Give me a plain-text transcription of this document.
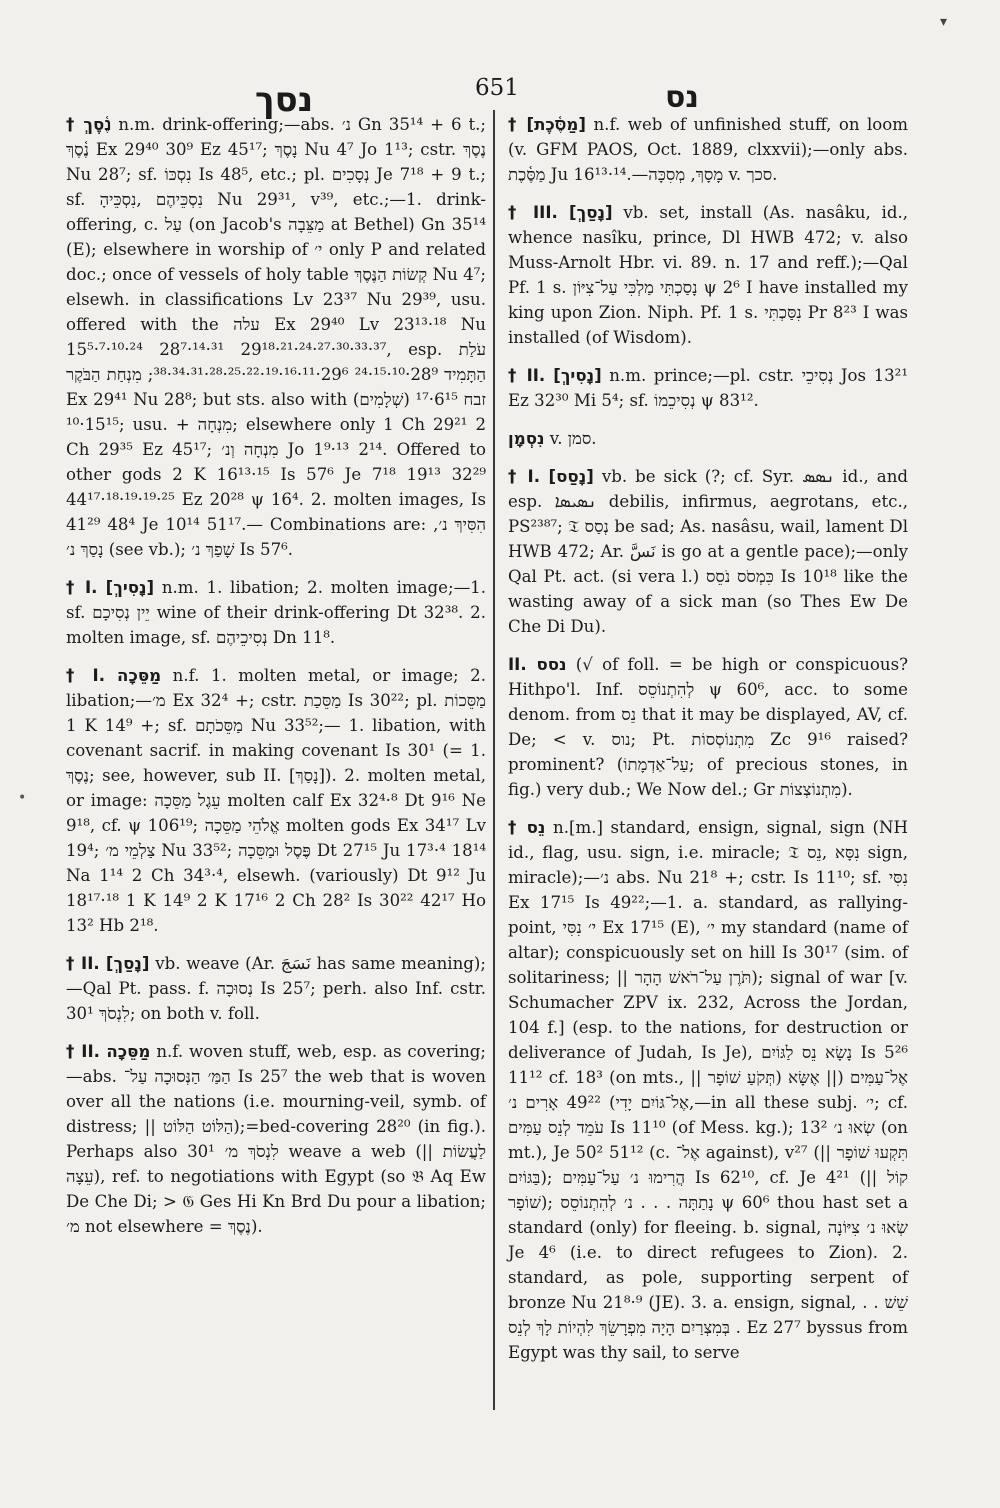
▾
•
נסך	651	נס

† נֶ֫סֶךְ n.m. drink-offering;—abs. נ׳ Gn 35¹⁴ + 6 t.; נֶ֫סֶךְ Ex 29⁴⁰ 30⁹ Ez 45¹⁷; נָסֶךְ Nu 4⁷ Jo 1¹³; cstr. נֶסֶךְ Nu 28⁷; sf. נִסְכּוֹ Is 48⁵, etc.; pl. נְסָכִים Je 7¹⁸ + 9 t.; sf. נִסְכֵּיהֶם ,נִסְכֵּיהָ Nu 29³¹, v³⁹, etc.;—1. drink-offering, c. עַל (on Jacob's מַצֵּבָה at Bethel) Gn 35¹⁴ (E); elsewhere in worship of י׳ only P and related doc.; once of vessels of holy table קְשׂוֹת הַנֶּסֶךְ Nu 4⁷; elsewh. in classifications Lv 23³⁷ Nu 29³⁹, usu. offered with the עלה Ex 29⁴⁰ Lv 23¹³·¹⁸ Nu 15⁵·⁷·¹⁰·²⁴ 28⁷·¹⁴·³¹ 29¹⁸·²¹·²⁴·²⁷·³⁰·³³·³⁷, esp. עֹלַת הַתָּמִיד 28⁹·¹⁰·¹⁵·²⁴ 29⁶·¹¹·¹⁶·¹⁹·²²·²⁵·²⁸·³¹·³⁴·³⁸; מִנְחַת הַבֹּקֶר Ex 29⁴¹ Nu 28⁸; but sts. also with (שְׁלָמִים) זבח 6¹⁵·¹⁷ 15¹⁵·¹⁰; usu. + מִנְחָה; elsewhere only 1 Ch 29²¹ 2 Ch 29³⁵ Ez 45¹⁷; מִנְחָה וְנ׳ Jo 1⁹·¹³ 2¹⁴. Offered to other gods 2 K 16¹³·¹⁵ Is 57⁶ Je 7¹⁸ 19¹³ 32²⁹ 44¹⁷·¹⁸·¹⁹·¹⁹·²⁵ Ez 20²⁸ ψ 16⁴. 2. molten images, Is 41²⁹ 48⁴ Je 10¹⁴ 51¹⁷.— Combinations are: הִסִּיךְ נ׳, נָסַךְ נ׳ (see vb.); שָׁפַךְ נ׳ Is 57⁶.

† I. [נָסִיךְ] n.m. 1. libation; 2. molten image;—1. sf. יֵין נְסִיכָם wine of their drink-offering Dt 32³⁸. 2. molten image, sf. נְסִיכֵיהֶם Dn 11⁸.

† I. מַסֵּכָה n.f. 1. molten metal, or image; 2. libation;—מ׳ Ex 32⁴ +; cstr. מַסֵּכַת Is 30²²; pl. מַסֵּכוֹת 1 K 14⁹ +; sf. מַסֵּכֹתָם Nu 33⁵²;— 1. libation, with covenant sacrif. in making covenant Is 30¹ (= 1. נֶסֶךְ; see, however, sub II. [נָסַךְ]). 2. molten metal, or image: עֵגֶל מַסֵּכָה molten calf Ex 32⁴·⁸ Dt 9¹⁶ Ne 9¹⁸, cf. ψ 106¹⁹; אֱלֹהֵי מַסֵּכָה molten gods Ex 34¹⁷ Lv 19⁴; צַלְמֵי מ׳ Nu 33⁵²; פֶּסֶל וּמַסֵּכָה Dt 27¹⁵ Ju 17³·⁴ 18¹⁴ Na 1¹⁴ 2 Ch 34³·⁴, elsewh. (variously) Dt 9¹² Ju 18¹⁷·¹⁸ 1 K 14⁹ 2 K 17¹⁶ 2 Ch 28² Is 30²² 42¹⁷ Ho 13² Hb 2¹⁸.

† II. [נָסַךְ] vb. weave (Ar. نَسَجَ has same meaning);—Qal Pt. pass. f. נְסוּכָה Is 25⁷; perh. also Inf. cstr. לִנְסֹךְ 30¹; on both v. foll.

† II. מַסֵּכָה n.f. woven stuff, web, esp. as covering;—abs. הַמַּ׳ הַנְּסוּכָה עַל־ Is 25⁷ the web that is woven over all the nations (i.e. mourning-veil, symb. of distress; || הַלּוֹט הַלּוֹט);=bed-covering 28²⁰ (in fig.). Perhaps also לִנְסֹךְ מ׳ 30¹ weave a web (|| לַעֲשׂוֹת עֵצָה), ref. to negotiations with Egypt (so 𝔅 Aq Ew De Che Di; > 𝔊 Ges Hi Kn Brd Du pour a libation; מ׳ not elsewhere = נֶסֶךְ).

† [מַסֶּ֫כֶת] n.f. web of unfinished stuff, on loom (v. GFM PAOS, Oct. 1889, clxxvii);—only abs. מַסֶּ֫כֶת Ju 16¹³·¹⁴.—מָסָךְ, מְסִכָּה v. סכך.

† III. [נָסַךְ] vb. set, install (As. nasâku, id., whence nasîku, prince, Dl HWB 472; v. also Muss-Arnolt Hbr. vi. 89. n. 17 and reff.);—Qal Pf. 1 s. נָסַכְתִּי מַלְכִּי עַל־צִיּוֹן ψ 2⁶ I have installed my king upon Zion. Niph. Pf. 1 s. נִסַּכְתִּי Pr 8²³ I was installed (of Wisdom).

† II. [נָסִיךְ] n.m. prince;—pl. cstr. נְסִיכֵי Jos 13²¹ Ez 32³⁰ Mi 5⁴; sf. נְסִיכֵמוֹ ψ 83¹².

נִסְמָן v. סמן.

† I. [נָסַס] vb. be sick (?; cf. Syr. ܢܣܣ id., and esp. ܢܣܝܣܐ debilis, infirmus, aegrotans, etc., PS²³⁸⁷; 𝔗 נְסַס be sad; As. nasâsu, wail, lament Dl HWB 472; Ar. نَسَّ is go at a gentle pace);—only Qal Pt. act. (si vera l.) כִּמְסֹס נֹסֵס Is 10¹⁸ like the wasting away of a sick man (so Thes Ew De Che Di Du).

II. נסס (√ of foll. = be high or conspicuous? Hithpo'l. Inf. לְהִתְנוֹסֵס ψ 60⁶, acc. to some denom. from נֵס that it may be displayed, AV, cf. De; < v. נוס; Pt. מִתְנוֹסְסוֹת Zc 9¹⁶ raised? prominent? (עַל־אַדְמָתוֹ; of precious stones, in fig.) very dub.; We Now del.; Gr מִתְנוֹצְצוֹת).

† נֵס n.[m.] standard, ensign, signal, sign (NH id., flag, usu. sign, i.e. miracle; 𝔗 נִסָּא ,נֵס sign, miracle);—נ׳ abs. Nu 21⁸ +; cstr. Is 11¹⁰; sf. נִסִּי Ex 17¹⁵ Is 49²²;—1. a. standard, as rallying-point, י׳ נִסִּי Ex 17¹⁵ (E), י׳ my standard (name of altar); conspicuously set on hill Is 30¹⁷ (sim. of solitariness; || תֹּרֶן עַל־רֹאשׁ הָהָר); signal of war [v. Schumacher ZPV ix. 232, Across the Jordan, 104 f.] (esp. to the nations, for destruction or deliverance of Judah, Is Je), נָשָׂא נֵס לַגּוֹיִם Is 5²⁶ 11¹² cf. 18³ (on mts., || תְּקֹעַ שׁוֹפָר) אֶל־עַמִּים (|| אֶשָּׂא אֶל־גּוֹיִם יָדִי) 49²² אָרִים נ׳,—in all these subj. י׳; cf. עֹמֵד לְנֵס עַמִּים Is 11¹⁰ (of Mess. kg.); שְׂאוּ נ׳ 13² (on mt.), Je 50² 51¹² (c. אֶל־ against), v²⁷ (|| תִּקְעוּ שׁוֹפָר בַּגּוֹיִם); הֲרִימוּ נ׳ עַל־עַמִּים Is 62¹⁰, cf. Je 4²¹ (|| קוֹל שׁוֹפָר); נָתַתָּה . . . נ׳ לְהִתְנוֹסֵס ψ 60⁶ thou hast set a standard (only) for fleeing. b. signal, שְׂאוּ נ׳ צִיּוֹנָה Je 4⁶ (i.e. to direct refugees to Zion). 2. standard, as pole, supporting serpent of bronze Nu 21⁸·⁹ (JE). 3. a. ensign, signal, שֵׁשׁ . . . בְּמִצְרַיִם הָיָה מִפְרָשֵׂךְ לִהְיוֹת לָךְ לְנֵס Ez 27⁷ byssus from Egypt was thy sail, to serve
